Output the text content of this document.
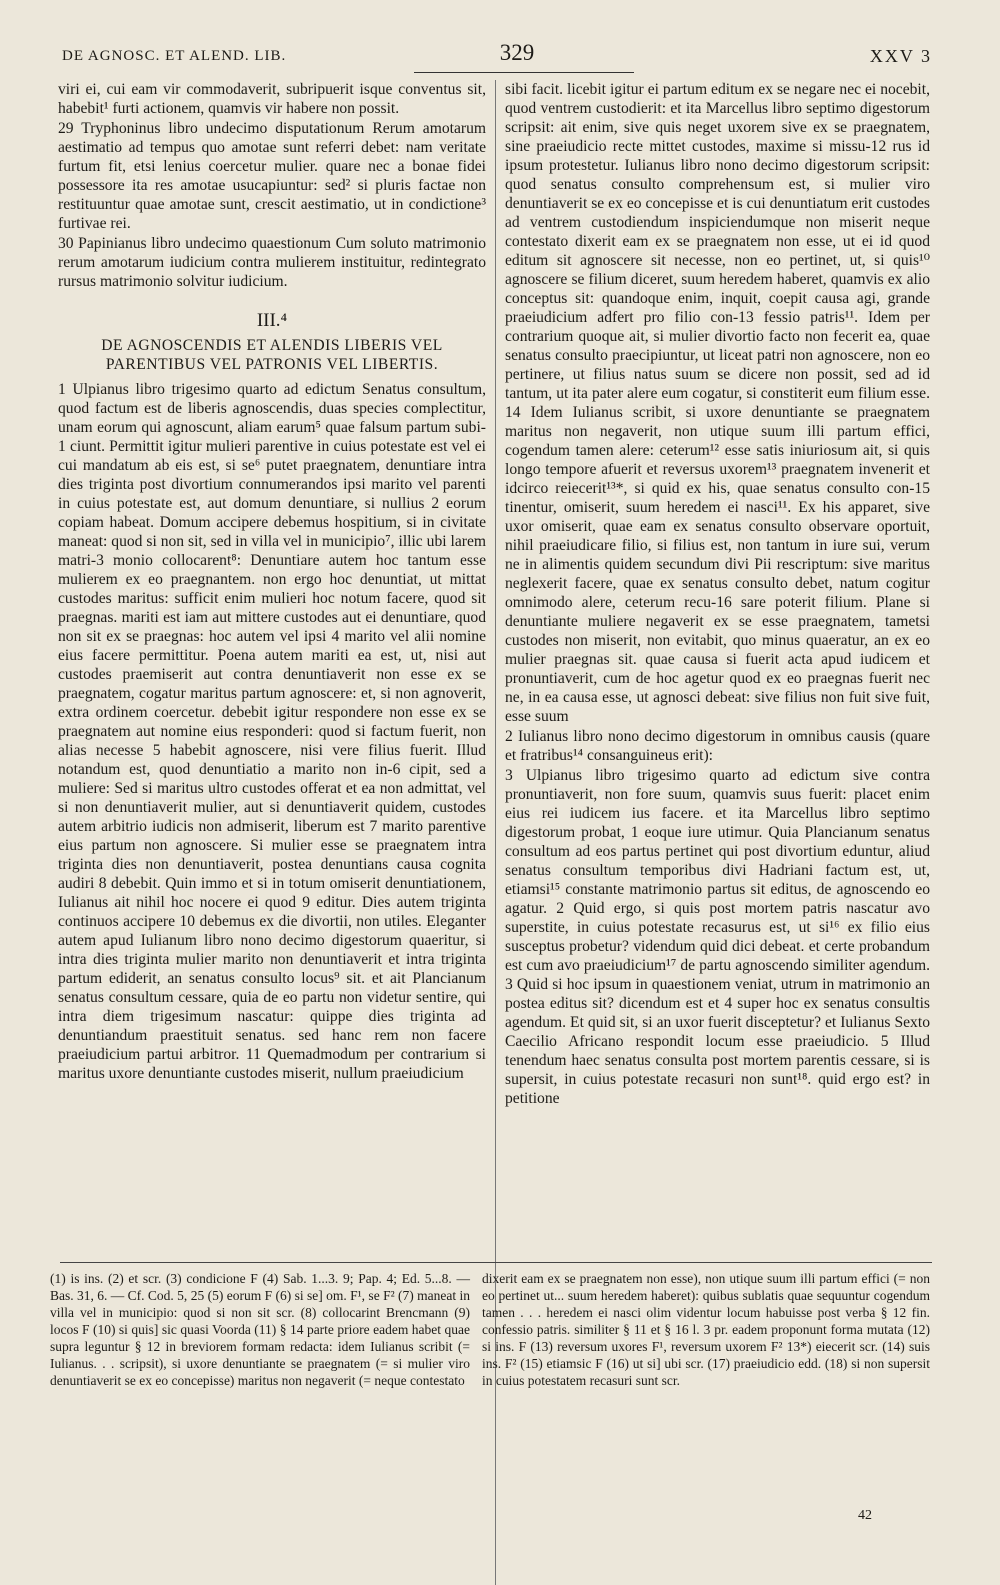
DE AGNOSC. ET ALEND. LIB.	329	XXV 3

viri ei, cui eam vir commodaverit, subripuerit isque conventus sit, habebit¹ furti actionem, quamvis vir habere non possit.

29 Tryphoninus libro undecimo disputationum Rerum amotarum aestimatio ad tempus quo amotae sunt referri debet: nam veritate furtum fit, etsi lenius coercetur mulier. quare nec a bonae fidei possessore ita res amotae usucapiuntur: sed² si pluris factae non restituuntur quae amotae sunt, crescit aestimatio, ut in condictione³ furtivae rei.

30 Papinianus libro undecimo quaestionum Cum soluto matrimonio rerum amotarum iudicium contra mulierem instituitur, redintegrato rursus matrimonio solvitur iudicium.

III.⁴
DE AGNOSCENDIS ET ALENDIS LIBERIS VEL PARENTIBUS VEL PATRONIS VEL LIBERTIS.

1 Ulpianus libro trigesimo quarto ad edictum Senatus consultum, quod factum est de liberis agnoscendis, duas species complectitur, unam eorum qui agnoscunt, aliam earum⁵ quae falsum partum subi-1 ciunt. Permittit igitur mulieri parentive in cuius potestate est vel ei cui mandatum ab eis est, si se⁶ putet praegnatem, denuntiare intra dies triginta post divortium connumerandos ipsi marito vel parenti in cuius potestate est, aut domum denuntiare, si nullius 2 eorum copiam habeat. Domum accipere debemus hospitium, si in civitate maneat: quod si non sit, sed in villa vel in municipio⁷, illic ubi larem matri-3 monio collocarent⁸: Denuntiare autem hoc tantum esse mulierem ex eo praegnantem. non ergo hoc denuntiat, ut mittat custodes maritus: sufficit enim mulieri hoc notum facere, quod sit praegnas. mariti est iam aut mittere custodes aut ei denuntiare, quod non sit ex se praegnas: hoc autem vel ipsi 4 marito vel alii nomine eius facere permittitur. Poena autem mariti ea est, ut, nisi aut custodes praemiserit aut contra denuntiaverit non esse ex se praegnatem, cogatur maritus partum agnoscere: et, si non agnoverit, extra ordinem coercetur. debebit igitur respondere non esse ex se praegnatem aut nomine eius responderi: quod si factum fuerit, non alias necesse 5 habebit agnoscere, nisi vere filius fuerit. Illud notandum est, quod denuntiatio a marito non in-6 cipit, sed a muliere: Sed si maritus ultro custodes offerat et ea non admittat, vel si non denuntiaverit mulier, aut si denuntiaverit quidem, custodes autem arbitrio iudicis non admiserit, liberum est 7 marito parentive eius partum non agnoscere. Si mulier esse se praegnatem intra triginta dies non denuntiaverit, postea denuntians causa cognita audiri 8 debebit. Quin immo et si in totum omiserit denuntiationem, Iulianus ait nihil hoc nocere ei quod 9 editur. Dies autem triginta continuos accipere 10 debemus ex die divortii, non utiles. Eleganter autem apud Iulianum libro nono decimo digestorum quaeritur, si intra dies triginta mulier marito non denuntiaverit et intra triginta partum ediderit, an senatus consulto locus⁹ sit. et ait Plancianum senatus consultum cessare, quia de eo partu non videtur sentire, qui intra diem trigesimum nascatur: quippe dies triginta ad denuntiandum praestituit senatus. sed hanc rem non facere praeiudicium partui arbitror. 11 Quemadmodum per contrarium si maritus uxore denuntiante custodes miserit, nullum praeiudicium

sibi facit. licebit igitur ei partum editum ex se negare nec ei nocebit, quod ventrem custodierit: et ita Marcellus libro septimo digestorum scripsit: ait enim, sive quis neget uxorem sive ex se praegnatem, sine praeiudicio recte mittet custodes, maxime si missu-12 rus id ipsum protestetur. Iulianus libro nono decimo digestorum scripsit: quod senatus consulto comprehensum est, si mulier viro denuntiaverit se ex eo concepisse et is cui denuntiatum erit custodes ad ventrem custodiendum inspiciendumque non miserit neque contestato dixerit eam ex se praegnatem non esse, ut ei id quod editum sit agnoscere sit necesse, non eo pertinet, ut, si quis¹⁰ agnoscere se filium diceret, suum heredem haberet, quamvis ex alio conceptus sit: quandoque enim, inquit, coepit causa agi, grande praeiudicium adfert pro filio con-13 fessio patris¹¹. Idem per contrarium quoque ait, si mulier divortio facto non fecerit ea, quae senatus consulto praecipiuntur, ut liceat patri non agnoscere, non eo pertinere, ut filius natus suum se dicere non possit, sed ad id tantum, ut ita pater alere eum cogatur, si constiterit eum filium esse. 14 Idem Iulianus scribit, si uxore denuntiante se praegnatem maritus non negaverit, non utique suum illi partum effici, cogendum tamen alere: ceterum¹² esse satis iniuriosum ait, si quis longo tempore afuerit et reversus uxorem¹³ praegnatem invenerit et idcirco reiecerit¹³*, si quid ex his, quae senatus consulto con-15 tinentur, omiserit, suum heredem ei nasci¹¹. Ex his apparet, sive uxor omiserit, quae eam ex senatus consulto observare oportuit, nihil praeiudicare filio, si filius est, non tantum in iure sui, verum ne in alimentis quidem secundum divi Pii rescriptum: sive maritus neglexerit facere, quae ex senatus consulto debet, natum cogitur omnimodo alere, ceterum recu-16 sare poterit filium. Plane si denuntiante muliere negaverit ex se esse praegnatem, tametsi custodes non miserit, non evitabit, quo minus quaeratur, an ex eo mulier praegnas sit. quae causa si fuerit acta apud iudicem et pronuntiaverit, cum de hoc agetur quod ex eo praegnas fuerit nec ne, in ea causa esse, ut agnosci debeat: sive filius non fuit sive fuit, esse suum

2 Iulianus libro nono decimo digestorum in omnibus causis (quare et fratribus¹⁴ consanguineus erit):

3 Ulpianus libro trigesimo quarto ad edictum sive contra pronuntiaverit, non fore suum, quamvis suus fuerit: placet enim eius rei iudicem ius facere. et ita Marcellus libro septimo digestorum probat, 1 eoque iure utimur. Quia Plancianum senatus consultum ad eos partus pertinet qui post divortium eduntur, aliud senatus consultum temporibus divi Hadriani factum est, ut, etiamsi¹⁵ constante matrimonio partus sit editus, de agnoscendo eo agatur. 2 Quid ergo, si quis post mortem patris nascatur avo superstite, in cuius potestate recasurus est, ut si¹⁶ ex filio eius susceptus probetur? videndum quid dici debeat. et certe probandum est cum avo praeiudicium¹⁷ de partu agnoscendo similiter agendum. 3 Quid si hoc ipsum in quaestionem veniat, utrum in matrimonio an postea editus sit? dicendum est et 4 super hoc ex senatus consultis agendum. Et quid sit, si an uxor fuerit disceptetur? et Iulianus Sexto Caecilio Africano respondit locum esse praeiudicio. 5 Illud tenendum haec senatus consulta post mortem parentis cessare, si is supersit, in cuius potestate recasuri non sunt¹⁸. quid ergo est? in petitione

(1) is ins. (2) et scr. (3) condicione F (4) Sab. 1...3. 9; Pap. 4; Ed. 5...8. — Bas. 31, 6. — Cf. Cod. 5, 25 (5) eorum F (6) si se] om. F¹, se F² (7) maneat in villa vel in municipio: quod si non sit scr. (8) collocarint Brencmann (9) locos F (10) si quis] sic quasi Voorda (11) § 14 parte priore eadem habet quae supra leguntur § 12 in breviorem formam redacta: idem Iulianus scribit (= Iulianus. . . scripsit), si uxore denuntiante se praegnatem (= si mulier viro denuntiaverit se ex eo concepisse) maritus non negaverit (= neque contestato

dixerit eam ex se praegnatem non esse), non utique suum illi partum effici (= non eo pertinet ut... suum heredem haberet): quibus sublatis quae sequuntur cogendum tamen . . . heredem ei nasci olim videntur locum habuisse post verba § 12 fin. confessio patris. similiter § 11 et § 16 l. 3 pr. eadem proponunt forma mutata (12) si ins. F (13) reversum uxores F¹, reversum uxorem F² 13*) eiecerit scr. (14) suis ins. F² (15) etiamsic F (16) ut si] ubi scr. (17) praeiudicio edd. (18) si non supersit in cuius potestatem recasuri sunt scr.

42
